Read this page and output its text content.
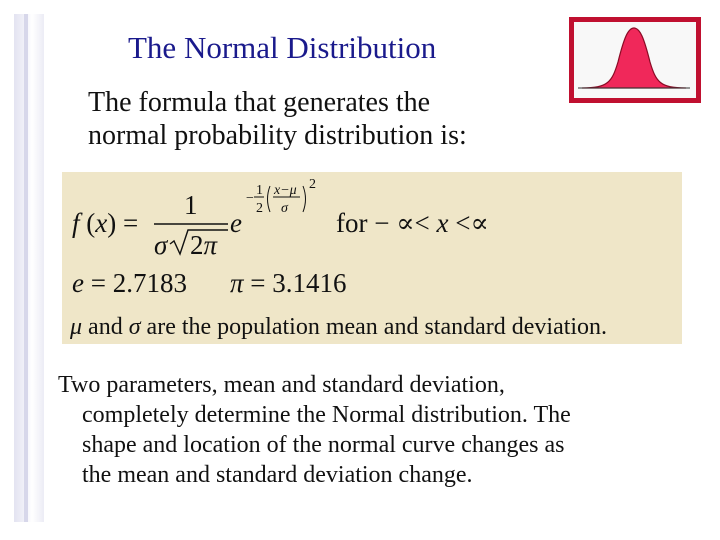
The Normal Distribution
The formula that generates the
normal probability distribution is:
f (x) =
1
σ 2π
e
−
1
2
x−μ
σ
2
for − ∝< x <∝
e = 2.7183 π = 3.1416
μ and σ are the population mean and standard deviation.
Two parameters, mean and standard deviation,
completely determine the Normal distribution. The
shape and location of the normal curve changes as
the mean and standard deviation change.
